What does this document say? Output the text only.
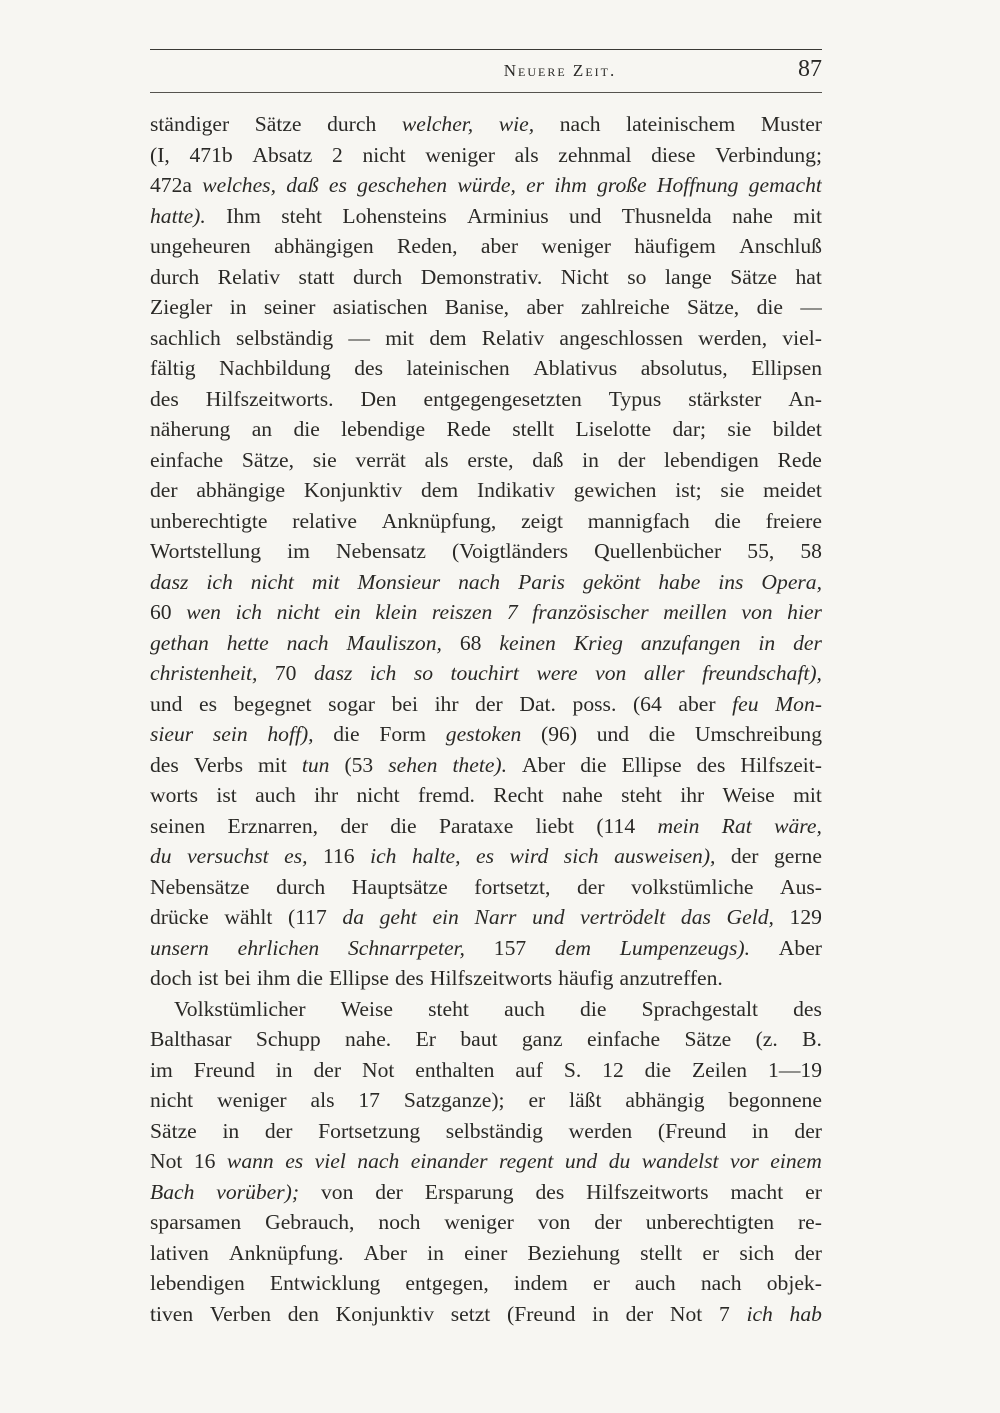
Neuere Zeit.	87
ständiger Sätze durch welcher, wie, nach lateinischem Muster
(I, 471b Absatz 2 nicht weniger als zehnmal diese Verbindung;
472a welches, daß es geschehen würde, er ihm große Hoffnung gemacht
hatte). Ihm steht Lohensteins Arminius und Thusnelda nahe mit
ungeheuren abhängigen Reden, aber weniger häufigem Anschluß
durch Relativ statt durch Demonstrativ. Nicht so lange Sätze hat
Ziegler in seiner asiatischen Banise, aber zahlreiche Sätze, die —
sachlich selbständig — mit dem Relativ angeschlossen werden, viel-
fältig Nachbildung des lateinischen Ablativus absolutus, Ellipsen
des Hilfszeitworts. Den entgegengesetzten Typus stärkster An-
näherung an die lebendige Rede stellt Liselotte dar; sie bildet
einfache Sätze, sie verrät als erste, daß in der lebendigen Rede
der abhängige Konjunktiv dem Indikativ gewichen ist; sie meidet
unberechtigte relative Anknüpfung, zeigt mannigfach die freiere
Wortstellung im Nebensatz (Voigtländers Quellenbücher 55, 58
dasz ich nicht mit Monsieur nach Paris gekönt habe ins Opera,
60 wen ich nicht ein klein reiszen 7 französischer meillen von hier
gethan hette nach Mauliszon, 68 keinen Krieg anzufangen in der
christenheit, 70 dasz ich so touchirt were von aller freundschaft),
und es begegnet sogar bei ihr der Dat. poss. (64 aber feu Mon-
sieur sein hoff), die Form gestoken (96) und die Umschreibung
des Verbs mit tun (53 sehen thete). Aber die Ellipse des Hilfszeit-
worts ist auch ihr nicht fremd. Recht nahe steht ihr Weise mit
seinen Erznarren, der die Parataxe liebt (114 mein Rat wäre,
du versuchst es, 116 ich halte, es wird sich ausweisen), der gerne
Nebensätze durch Hauptsätze fortsetzt, der volkstümliche Aus-
drücke wählt (117 da geht ein Narr und vertrödelt das Geld, 129
unsern ehrlichen Schnarrpeter, 157 dem Lumpenzeugs). Aber
doch ist bei ihm die Ellipse des Hilfszeitworts häufig anzutreffen.
Volkstümlicher Weise steht auch die Sprachgestalt des
Balthasar Schupp nahe. Er baut ganz einfache Sätze (z. B.
im Freund in der Not enthalten auf S. 12 die Zeilen 1—19
nicht weniger als 17 Satzganze); er läßt abhängig begonnene
Sätze in der Fortsetzung selbständig werden (Freund in der
Not 16 wann es viel nach einander regent und du wandelst vor einem
Bach vorüber); von der Ersparung des Hilfszeitworts macht er
sparsamen Gebrauch, noch weniger von der unberechtigten re-
lativen Anknüpfung. Aber in einer Beziehung stellt er sich der
lebendigen Entwicklung entgegen, indem er auch nach objek-
tiven Verben den Konjunktiv setzt (Freund in der Not 7 ich hab
